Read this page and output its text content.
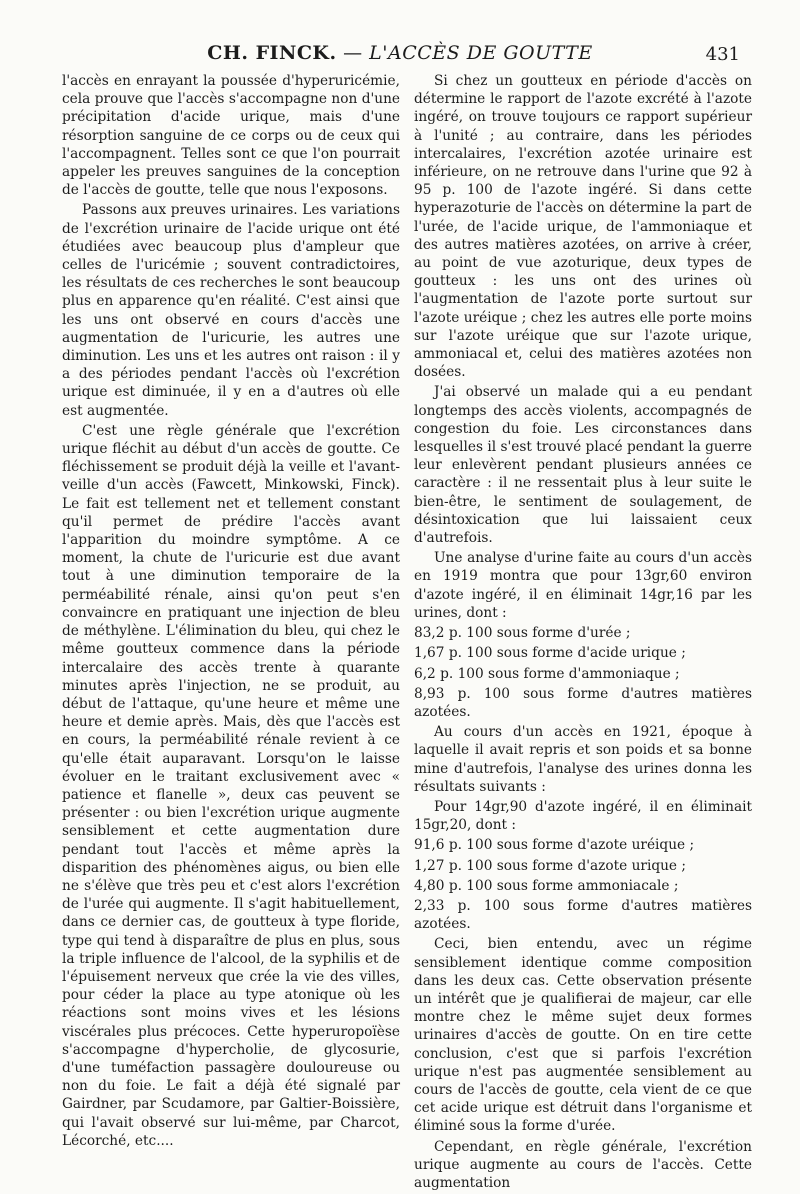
CH. FINCK. — L'ACCÈS DE GOUTTE	431

l'accès en enrayant la poussée d'hyperuricémie, cela prouve que l'accès s'accompagne non d'une précipitation d'acide urique, mais d'une résorption sanguine de ce corps ou de ceux qui l'accompagnent. Telles sont ce que l'on pourrait appeler les preuves sanguines de la conception de l'accès de goutte, telle que nous l'exposons.

Passons aux preuves urinaires. Les variations de l'excrétion urinaire de l'acide urique ont été étudiées avec beaucoup plus d'ampleur que celles de l'uricémie ; souvent contradictoires, les résultats de ces recherches le sont beaucoup plus en apparence qu'en réalité. C'est ainsi que les uns ont observé en cours d'accès une augmentation de l'uricurie, les autres une diminution. Les uns et les autres ont raison : il y a des périodes pendant l'accès où l'excrétion urique est diminuée, il y en a d'autres où elle est augmentée.

C'est une règle générale que l'excrétion urique fléchit au début d'un accès de goutte. Ce fléchissement se produit déjà la veille et l'avant-veille d'un accès (Fawcett, Minkowski, Finck). Le fait est tellement net et tellement constant qu'il permet de prédire l'accès avant l'apparition du moindre symptôme. A ce moment, la chute de l'uricurie est due avant tout à une diminution temporaire de la perméabilité rénale, ainsi qu'on peut s'en convaincre en pratiquant une injection de bleu de méthylène. L'élimination du bleu, qui chez le même goutteux commence dans la période intercalaire des accès trente à quarante minutes après l'injection, ne se produit, au début de l'attaque, qu'une heure et même une heure et demie après. Mais, dès que l'accès est en cours, la perméabilité rénale revient à ce qu'elle était auparavant. Lorsqu'on le laisse évoluer en le traitant exclusivement avec « patience et flanelle », deux cas peuvent se présenter : ou bien l'excrétion urique augmente sensiblement et cette augmentation dure pendant tout l'accès et même après la disparition des phénomènes aigus, ou bien elle ne s'élève que très peu et c'est alors l'excrétion de l'urée qui augmente. Il s'agit habituellement, dans ce dernier cas, de goutteux à type floride, type qui tend à disparaître de plus en plus, sous la triple influence de l'alcool, de la syphilis et de l'épuisement nerveux que crée la vie des villes, pour céder la place au type atonique où les réactions sont moins vives et les lésions viscérales plus précoces. Cette hyperuropoïèse s'accompagne d'hypercholie, de glycosurie, d'une tuméfaction passagère douloureuse ou non du foie. Le fait a déjà été signalé par Gairdner, par Scudamore, par Galtier-Boissière, qui l'avait observé sur lui-même, par Charcot, Lécorché, etc....

Si chez un goutteux en période d'accès on détermine le rapport de l'azote excrété à l'azote ingéré, on trouve toujours ce rapport supérieur à l'unité ; au contraire, dans les périodes intercalaires, l'excrétion azotée urinaire est inférieure, on ne retrouve dans l'urine que 92 à 95 p. 100 de l'azote ingéré. Si dans cette hyperazoturie de l'accès on détermine la part de l'urée, de l'acide urique, de l'ammoniaque et des autres matières azotées, on arrive à créer, au point de vue azoturique, deux types de goutteux : les uns ont des urines où l'augmentation de l'azote porte surtout sur l'azote uréique ; chez les autres elle porte moins sur l'azote uréique que sur l'azote urique, ammoniacal et, celui des matières azotées non dosées.

J'ai observé un malade qui a eu pendant longtemps des accès violents, accompagnés de congestion du foie. Les circonstances dans lesquelles il s'est trouvé placé pendant la guerre leur enlevèrent pendant plusieurs années ce caractère : il ne ressentait plus à leur suite le bien-être, le sentiment de soulagement, de désintoxication que lui laissaient ceux d'autrefois.

Une analyse d'urine faite au cours d'un accès en 1919 montra que pour 13gr,60 environ d'azote ingéré, il en éliminait 14gr,16 par les urines, dont :

83,2 p. 100 sous forme d'urée ;

1,67 p. 100 sous forme d'acide urique ;

6,2 p. 100 sous forme d'ammoniaque ;

8,93 p. 100 sous forme d'autres matières azotées.

Au cours d'un accès en 1921, époque à laquelle il avait repris et son poids et sa bonne mine d'autrefois, l'analyse des urines donna les résultats suivants :

Pour 14gr,90 d'azote ingéré, il en éliminait 15gr,20, dont :

91,6 p. 100 sous forme d'azote uréique ;

1,27 p. 100 sous forme d'azote urique ;

4,80 p. 100 sous forme ammoniacale ;

2,33 p. 100 sous forme d'autres matières azotées.

Ceci, bien entendu, avec un régime sensiblement identique comme composition dans les deux cas. Cette observation présente un intérêt que je qualifierai de majeur, car elle montre chez le même sujet deux formes urinaires d'accès de goutte. On en tire cette conclusion, c'est que si parfois l'excrétion urique n'est pas augmentée sensiblement au cours de l'accès de goutte, cela vient de ce que cet acide urique est détruit dans l'organisme et éliminé sous la forme d'urée.

Cependant, en règle générale, l'excrétion urique augmente au cours de l'accès. Cette augmentation
